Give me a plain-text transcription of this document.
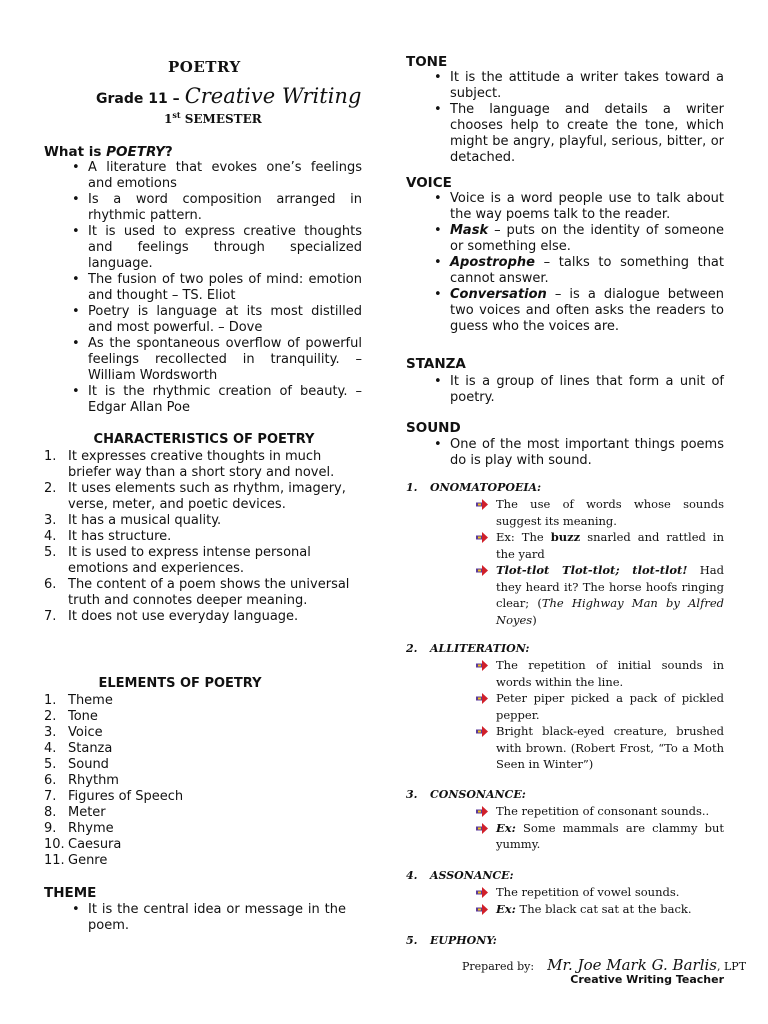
POETRY
Grade 11 – Creative Writing
1st SEMESTER
What is POETRY?
• A literature that evokes one’s feelings and emotions
• Is a word composition arranged in rhythmic pattern.
• It is used to express creative thoughts and feelings through specialized language.
• The fusion of two poles of mind: emotion and thought – TS. Eliot
• Poetry is language at its most distilled and most powerful. – Dove
• As the spontaneous overflow of powerful feelings recollected in tranquility. – William Wordsworth
• It is the rhythmic creation of beauty. – Edgar Allan Poe
CHARACTERISTICS OF POETRY
1. It expresses creative thoughts in much briefer way than a short story and novel.
2. It uses elements such as rhythm, imagery, verse, meter, and poetic devices.
3. It has a musical quality.
4. It has structure.
5. It is used to express intense personal emotions and experiences.
6. The content of a poem shows the universal truth and connotes deeper meaning.
7. It does not use everyday language.
ELEMENTS OF POETRY
1. Theme
2. Tone
3. Voice
4. Stanza
5. Sound
6. Rhythm
7. Figures of Speech
8. Meter
9. Rhyme
10. Caesura
11. Genre
THEME
• It is the central idea or message in the poem.
TONE
• It is the attitude a writer takes toward a subject.
• The language and details a writer chooses help to create the tone, which might be angry, playful, serious, bitter, or detached.
VOICE
• Voice is a word people use to talk about the way poems talk to the reader.
• Mask – puts on the identity of someone or something else.
• Apostrophe – talks to something that cannot answer.
• Conversation – is a dialogue between two voices and often asks the readers to guess who the voices are.
STANZA
• It is a group of lines that form a unit of poetry.
SOUND
• One of the most important things poems do is play with sound.
1. ONOMATOPOEIA:
The use of words whose sounds suggest its meaning.
Ex: The buzz snarled and rattled in the yard
Tlot-tlot Tlot-tlot; tlot-tlot! Had they heard it? The horse hoofs ringing clear; (The Highway Man by Alfred Noyes)
2. ALLITERATION:
The repetition of initial sounds in words within the line.
Peter piper picked a pack of pickled pepper.
Bright black-eyed creature, brushed with brown. (Robert Frost, “To a Moth Seen in Winter”)
3. CONSONANCE:
The repetition of consonant sounds..
Ex: Some mammals are clammy but yummy.
4. ASSONANCE:
The repetition of vowel sounds.
Ex: The black cat sat at the back.
5. EUPHONY:
Prepared by: Mr. Joe Mark G. Barlis, LPT
Creative Writing Teacher
